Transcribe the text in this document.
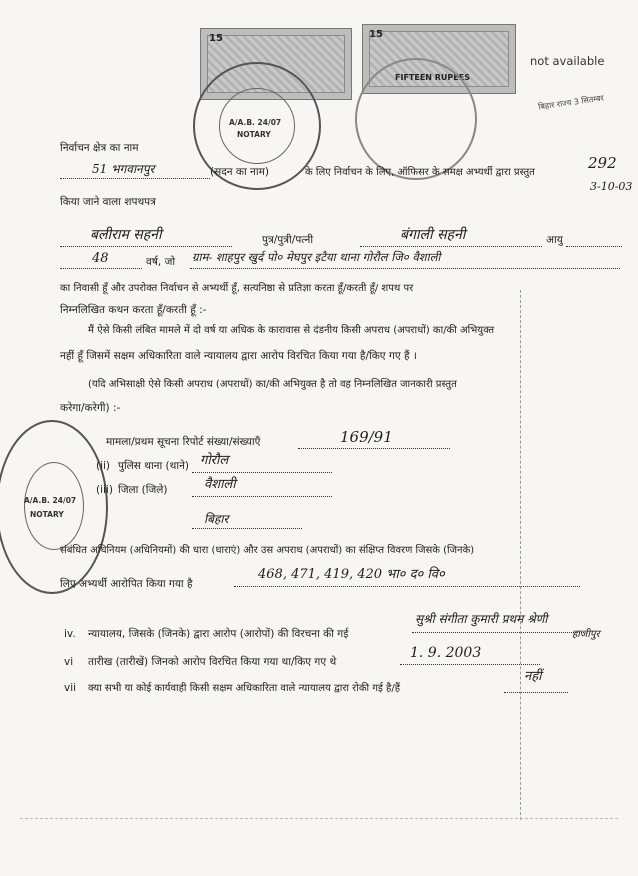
15	15
FIFTEEN RUPEES
not available
A/A.B. 24/07
NOTARY
बिहार राज्य 3 सितम्बर
292
3-10-03
निर्वाचन क्षेत्र का नाम
51 भगवानपुर	(सदन का नाम)	के लिए निर्वाचन के लिए, ऑफिसर के समक्ष अभ्यर्थी द्वारा प्रस्तुत
किया जाने वाला शपथपत्र
बलीराम सहनी	पुत्र/पुत्री/पत्नी	बंगाली सहनी	आयु
48	वर्ष, जो ग्राम- शाहपुर खुर्द पो० मेघपुर इटैया थाना गोरौल जि० वैशाली
का निवासी हूँ और उपरोक्त निर्वाचन से अभ्यर्थी हूँ, सत्यनिष्ठा से प्रतिज्ञा करता हूँ/करती हूँ/ शपथ पर
निम्नलिखित कथन करता हूँ/करती हूँ :-
मैं ऐसे किसी लंबित मामले में दो वर्ष या अधिक के कारावास से दंडनीय किसी अपराध (अपराधों) का/की अभियुक्त
नहीं हूँ जिसमें सक्षम अधिकारिता वाले न्यायालय द्वारा आरोप विरचित किया गया है/किए गए हैं ।
(यदि अभिसाक्षी ऐसे किसी अपराध (अपराधों) का/की अभियुक्त है तो वह निम्नलिखित जानकारी प्रस्तुत
करेगा/करेगी) :-
A/A.B. 24/07
NOTARY
मामला/प्रथम सूचना रिपोर्ट संख्या/संख्याएँ	169/91
(ii) पुलिस थाना (थाने) गोरौल
(iii) जिला (जिले)	वैशाली
बिहार
संबंधित अधिनियम (अधिनियमों) की धारा (धाराएं) और उस अपराध (अपराधों) का संक्षिप्त विवरण जिसके (जिनके)
लिए अभ्यर्थी आरोपित किया गया है
468, 471, 419, 420 भा० द० वि०
iv. न्यायालय, जिसके (जिनके) द्वारा आरोप (आरोपों) की विरचना की गई
सुश्री संगीता कुमारी प्रथम श्रेणी
हाजीपुर
vi तारीख (तारीखें) जिनको आरोप विरचित किया गया था/किए गए थे
1. 9. 2003
vii क्या सभी या कोई कार्यवाही किसी सक्षम अधिकारिता वाले न्यायालय द्वारा रोकी गई है/हैं
नहीं
